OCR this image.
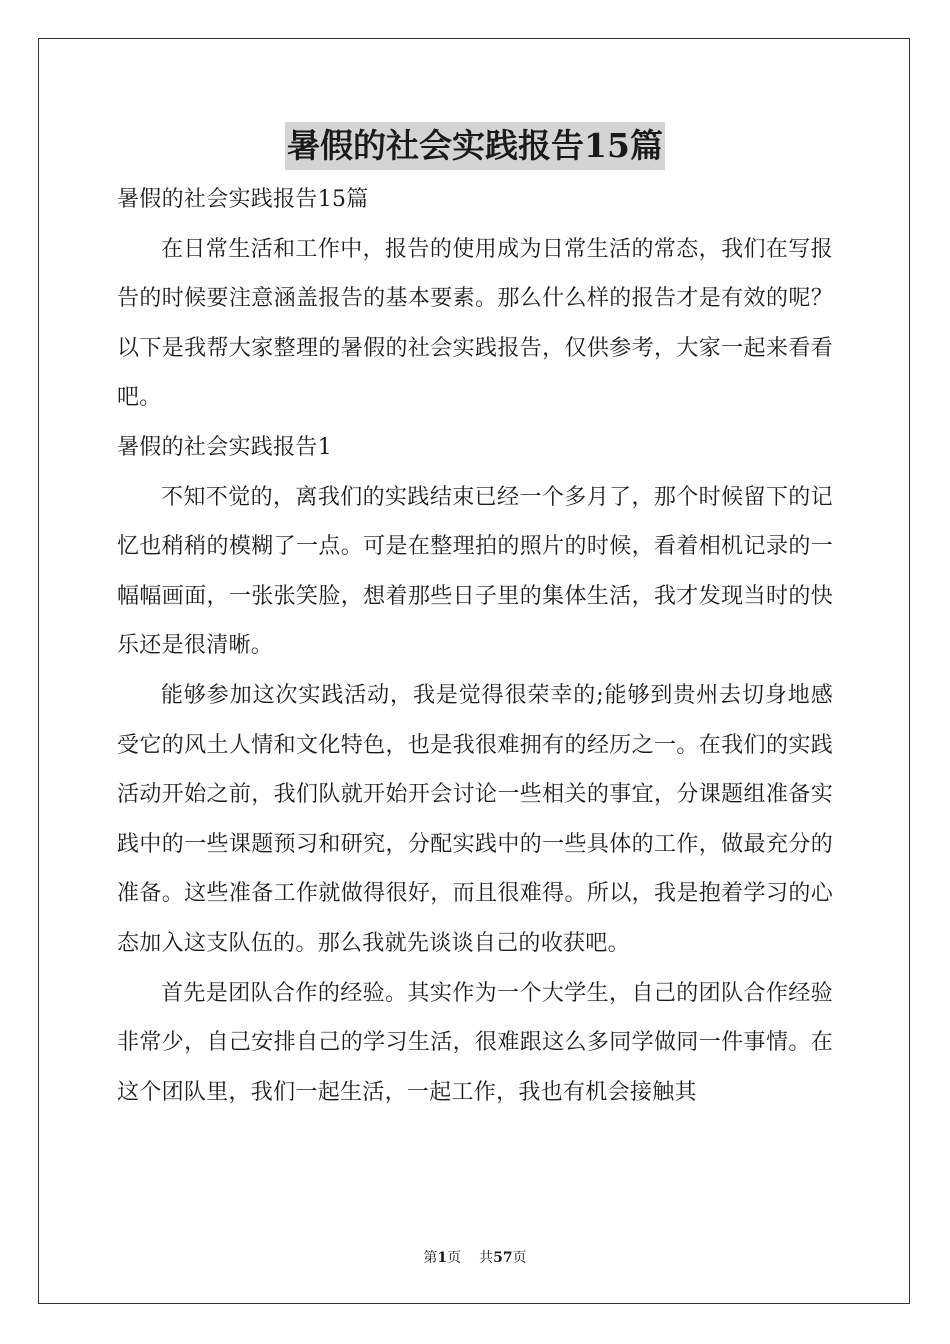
暑假的社会实践报告15篇

暑假的社会实践报告15篇

在日常生活和工作中，报告的使用成为日常生活的常态，我们在写报告的时候要注意涵盖报告的基本要素。那么什么样的报告才是有效的呢？以下是我帮大家整理的暑假的社会实践报告，仅供参考，大家一起来看看吧。

暑假的社会实践报告1

不知不觉的，离我们的实践结束已经一个多月了，那个时候留下的记忆也稍稍的模糊了一点。可是在整理拍的照片的时候，看着相机记录的一幅幅画面，一张张笑脸，想着那些日子里的集体生活，我才发现当时的快乐还是很清晰。

能够参加这次实践活动，我是觉得很荣幸的;能够到贵州去切身地感受它的风土人情和文化特色，也是我很难拥有的经历之一。在我们的实践活动开始之前，我们队就开始开会讨论一些相关的事宜，分课题组准备实践中的一些课题预习和研究，分配实践中的一些具体的工作，做最充分的准备。这些准备工作就做得很好，而且很难得。所以，我是抱着学习的心态加入这支队伍的。那么我就先谈谈自己的收获吧。

首先是团队合作的经验。其实作为一个大学生，自己的团队合作经验非常少，自己安排自己的学习生活，很难跟这么多同学做同一件事情。在这个团队里，我们一起生活，一起工作，我也有机会接触其

第1页 共57页
